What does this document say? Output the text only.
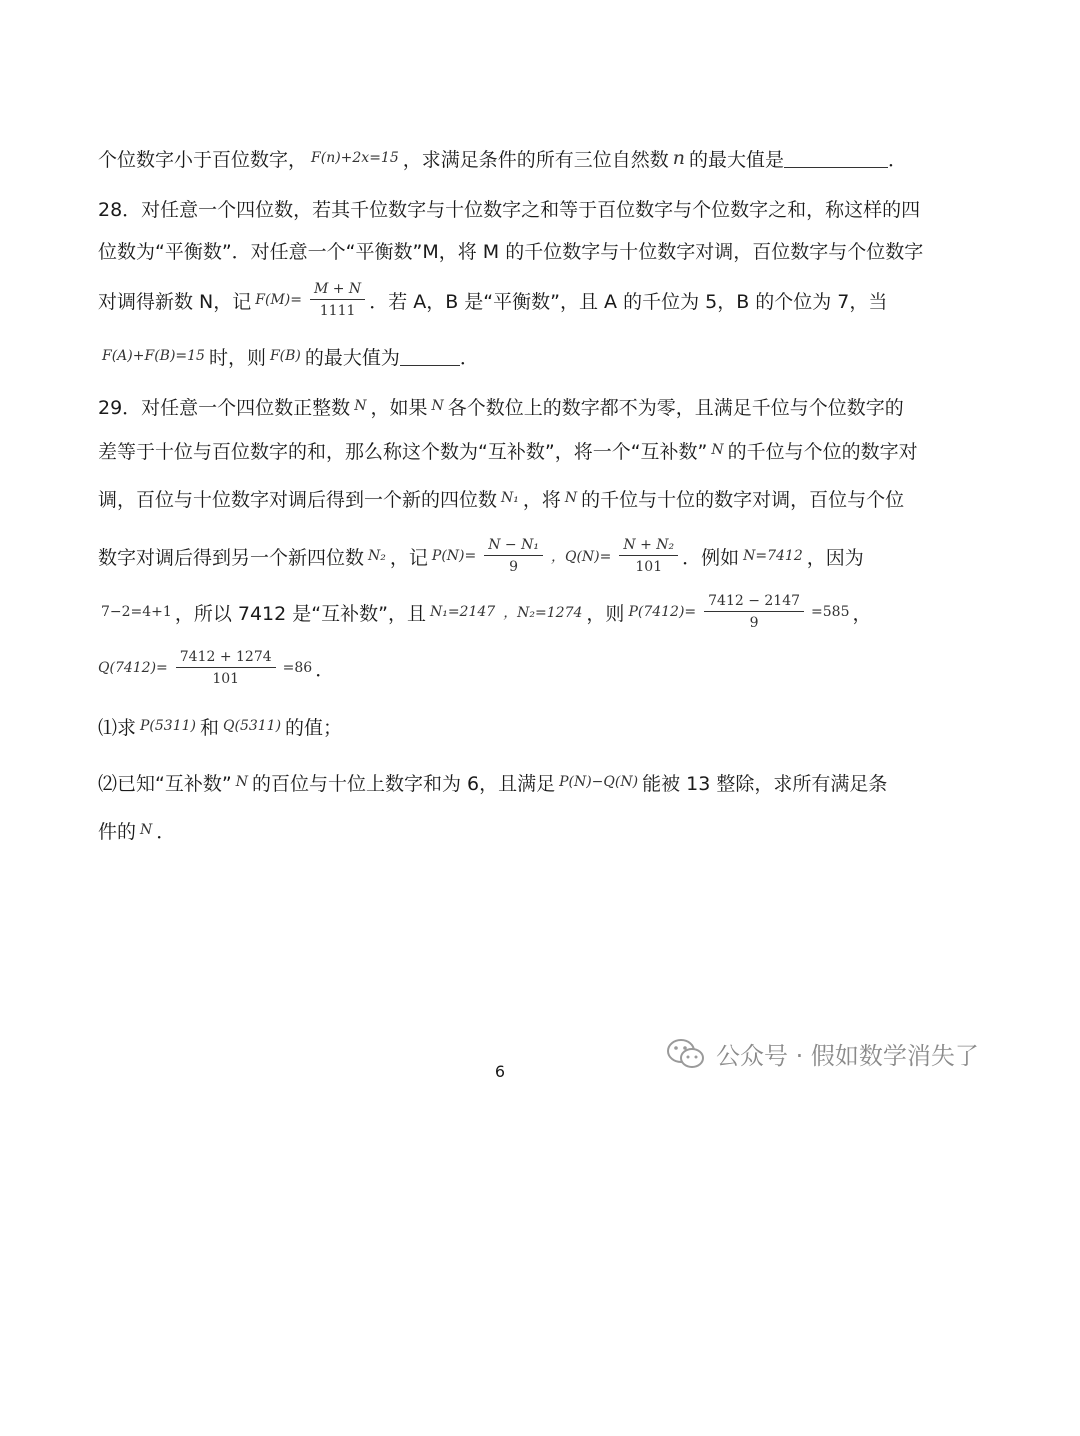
个位数字小于百位数字， F(n)+2x=15 ，求满足条件的所有三位自然数 n 的最大值是	．
28．对任意一个四位数，若其千位数字与十位数字之和等于百位数字与个位数字之和，称这样的四
位数为“平衡数”．对任意一个“平衡数”M，将 M 的千位数字与十位数字对调，百位数字与个位数字
对调得新数 N，记 $F(M)= \frac{M + N}{1111}$ ．若 A，B 是“平衡数”，且 A 的千位为 5，B 的个位为 7，当
F(A)+F(B)=15 时，则 F(B) 的最大值为	．
29．对任意一个四位数正整数 N ，如果 N 各个数位上的数字都不为零，且满足千位与个位数字的
差等于十位与百位数字的和，那么称这个数为“互补数”，将一个“互补数” N 的千位与个位的数字对
调，百位与十位数字对调后得到一个新的四位数 N₁ ，将 N 的千位与十位的数字对调，百位与个位
数字对调后得到另一个新四位数 N₂ ，记 $P(N)= \frac{\text{N − N₁}}{9}$ ，$Q(N)= \frac{\text{N + N₂}}{101}$ ．例如 N=7412 ，因为
7−2=4+1 ，所以 7412 是“互补数”，且 N₁=2147 ，N₂=1274 ，则 $P(7412)= \frac{7412 - 2147}{9} =585$ ，
$Q(7412)= \frac{7412 + 1274}{101} =86$ ．
⑴求 P(5311) 和 Q(5311) 的值；
⑵已知“互补数” N 的百位与十位上数字和为 6，且满足 P(N)−Q(N) 能被 13 整除，求所有满足条
件的 N ．
公众号 · 假如数学消失了
6
